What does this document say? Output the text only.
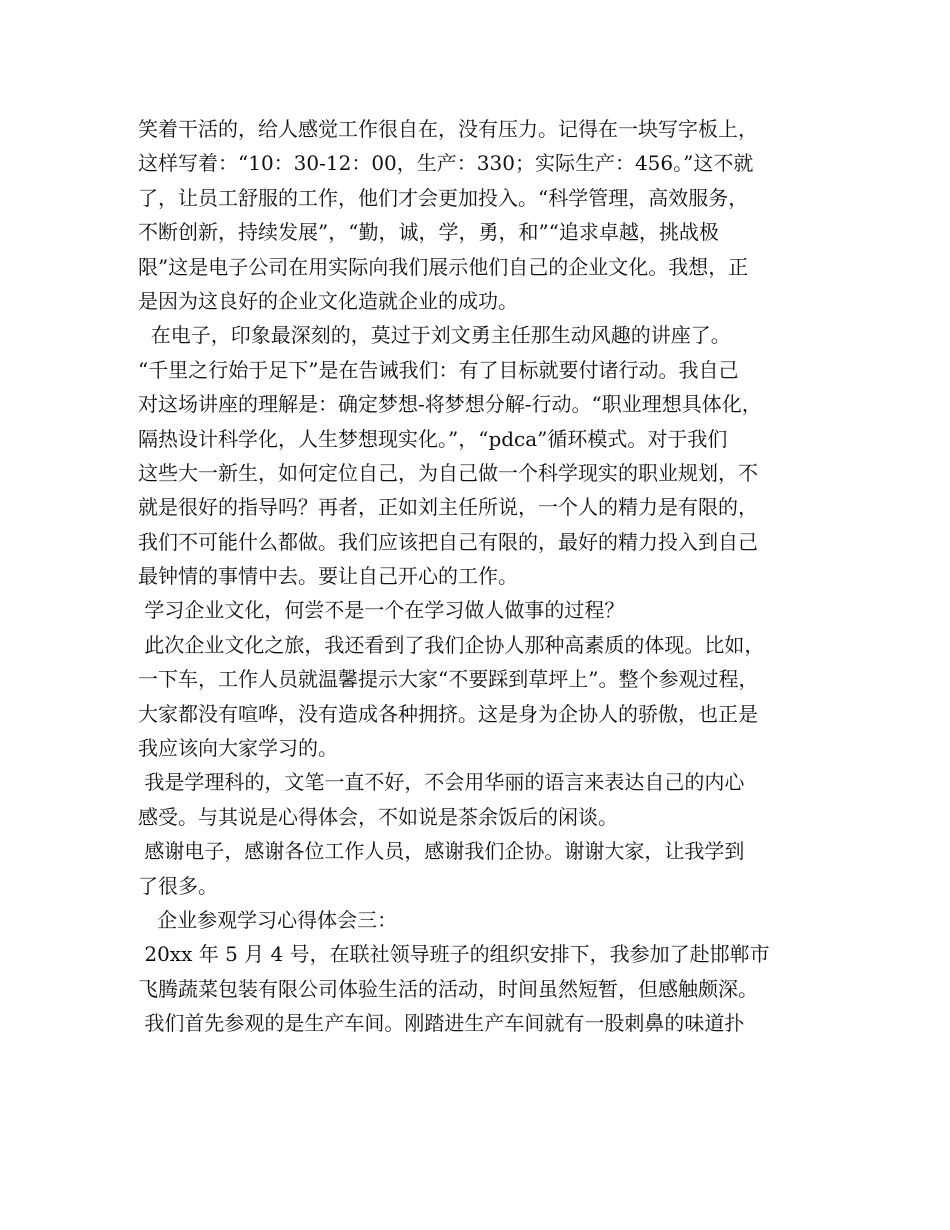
笑着干活的，给人感觉工作很自在，没有压力。记得在一块写字板上，
这样写着：“10：30-12：00，生产：330；实际生产：456。”这不就
了，让员工舒服的工作，他们才会更加投入。“科学管理，高效服务，
不断创新，持续发展”，“勤，诚，学，勇，和”“追求卓越，挑战极
限”这是电子公司在用实际向我们展示他们自己的企业文化。我想，正
是因为这良好的企业文化造就企业的成功。
在电子，印象最深刻的，莫过于刘文勇主任那生动风趣的讲座了。
“千里之行始于足下”是在告诫我们：有了目标就要付诸行动。我自己
对这场讲座的理解是：确定梦想-将梦想分解-行动。“职业理想具体化，
隔热设计科学化，人生梦想现实化。”，“pdca”循环模式。对于我们
这些大一新生，如何定位自己，为自己做一个科学现实的职业规划，不
就是很好的指导吗？再者，正如刘主任所说，一个人的精力是有限的，
我们不可能什么都做。我们应该把自己有限的，最好的精力投入到自己
最钟情的事情中去。要让自己开心的工作。
学习企业文化，何尝不是一个在学习做人做事的过程？
此次企业文化之旅，我还看到了我们企协人那种高素质的体现。比如，
一下车，工作人员就温馨提示大家“不要踩到草坪上”。整个参观过程，
大家都没有喧哗，没有造成各种拥挤。这是身为企协人的骄傲，也正是
我应该向大家学习的。
我是学理科的，文笔一直不好，不会用华丽的语言来表达自己的内心
感受。与其说是心得体会，不如说是茶余饭后的闲谈。
感谢电子，感谢各位工作人员，感谢我们企协。谢谢大家，让我学到
了很多。
企业参观学习心得体会三：
20xx 年 5 月 4 号，在联社领导班子的组织安排下，我参加了赴邯郸市
飞腾蔬菜包装有限公司体验生活的活动，时间虽然短暂，但感触颇深。
我们首先参观的是生产车间。刚踏进生产车间就有一股刺鼻的味道扑
